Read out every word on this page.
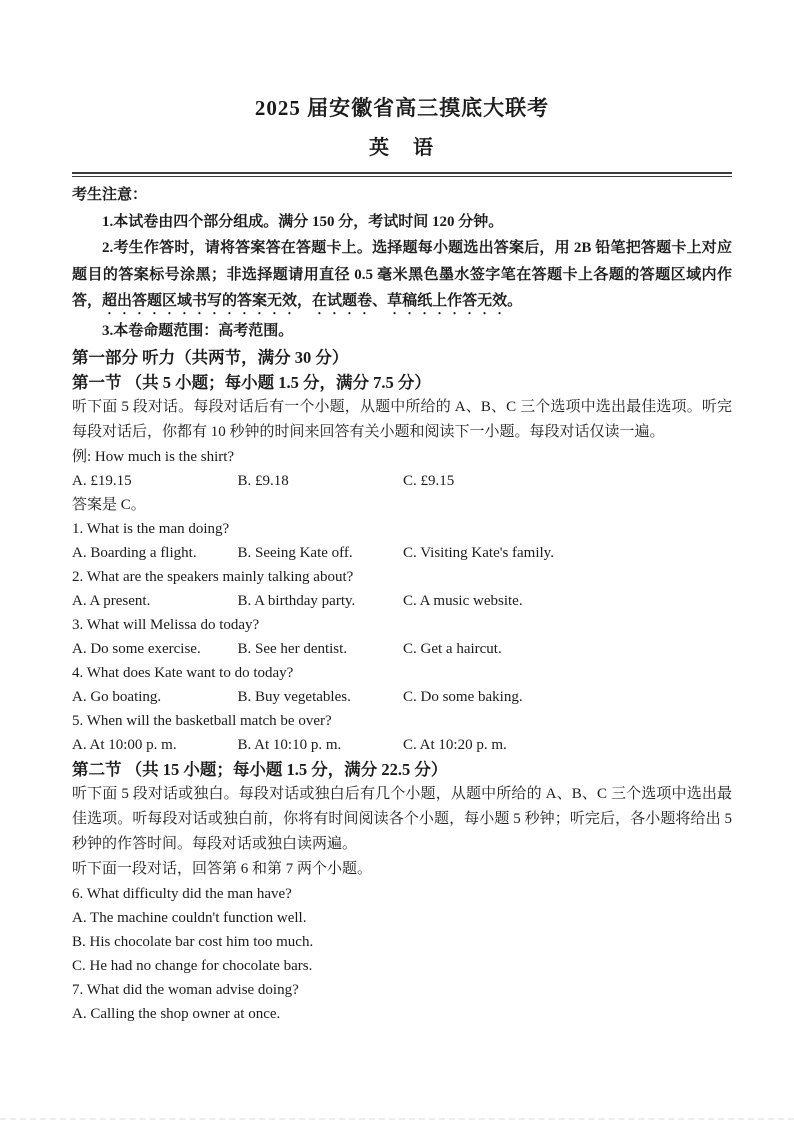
2025 届安徽省高三摸底大联考
英　语

考生注意：

1.本试卷由四个部分组成。满分 150 分，考试时间 120 分钟。

2.考生作答时，请将答案答在答题卡上。选择题每小题选出答案后，用 2B 铅笔把答题卡上对应题目的答案标号涂黑；非选择题请用直径 0.5 毫米黑色墨水签字笔在答题卡上各题的答题区域内作答，超出答题区域书写的答案无效，在试题卷、草稿纸上作答无效。

3.本卷命题范围：高考范围。

第一部分 听力（共两节，满分 30 分）

第一节 （共 5 小题；每小题 1.5 分，满分 7.5 分）

听下面 5 段对话。每段对话后有一个小题，从题中所给的 A、B、C 三个选项中选出最佳选项。听完每段对话后，你都有 10 秒钟的时间来回答有关小题和阅读下一小题。每段对话仅读一遍。

例: How much is the shirt?

A. £19.15	B. £9.18	C. £9.15

答案是 C。

1. What is the man doing?

A. Boarding a flight.	B. Seeing Kate off.	C. Visiting Kate's family.

2. What are the speakers mainly talking about?

A. A present.	B. A birthday party.	C. A music website.

3. What will Melissa do today?

A. Do some exercise. B. See her dentist.	C. Get a haircut.

4. What does Kate want to do today?

A. Go boating.	B. Buy vegetables.	C. Do some baking.

5. When will the basketball match be over?

A. At 10:00 p. m.	B. At 10:10 p. m.	C. At 10:20 p. m.

第二节 （共 15 小题；每小题 1.5 分，满分 22.5 分）

听下面 5 段对话或独白。每段对话或独白后有几个小题，从题中所给的 A、B、C 三个选项中选出最佳选项。听每段对话或独白前，你将有时间阅读各个小题，每小题 5 秒钟；听完后，各小题将给出 5 秒钟的作答时间。每段对话或独白读两遍。

听下面一段对话，回答第 6 和第 7 两个小题。

6. What difficulty did the man have?

A. The machine couldn't function well.

B. His chocolate bar cost him too much.

C. He had no change for chocolate bars.

7. What did the woman advise doing?

A. Calling the shop owner at once.
